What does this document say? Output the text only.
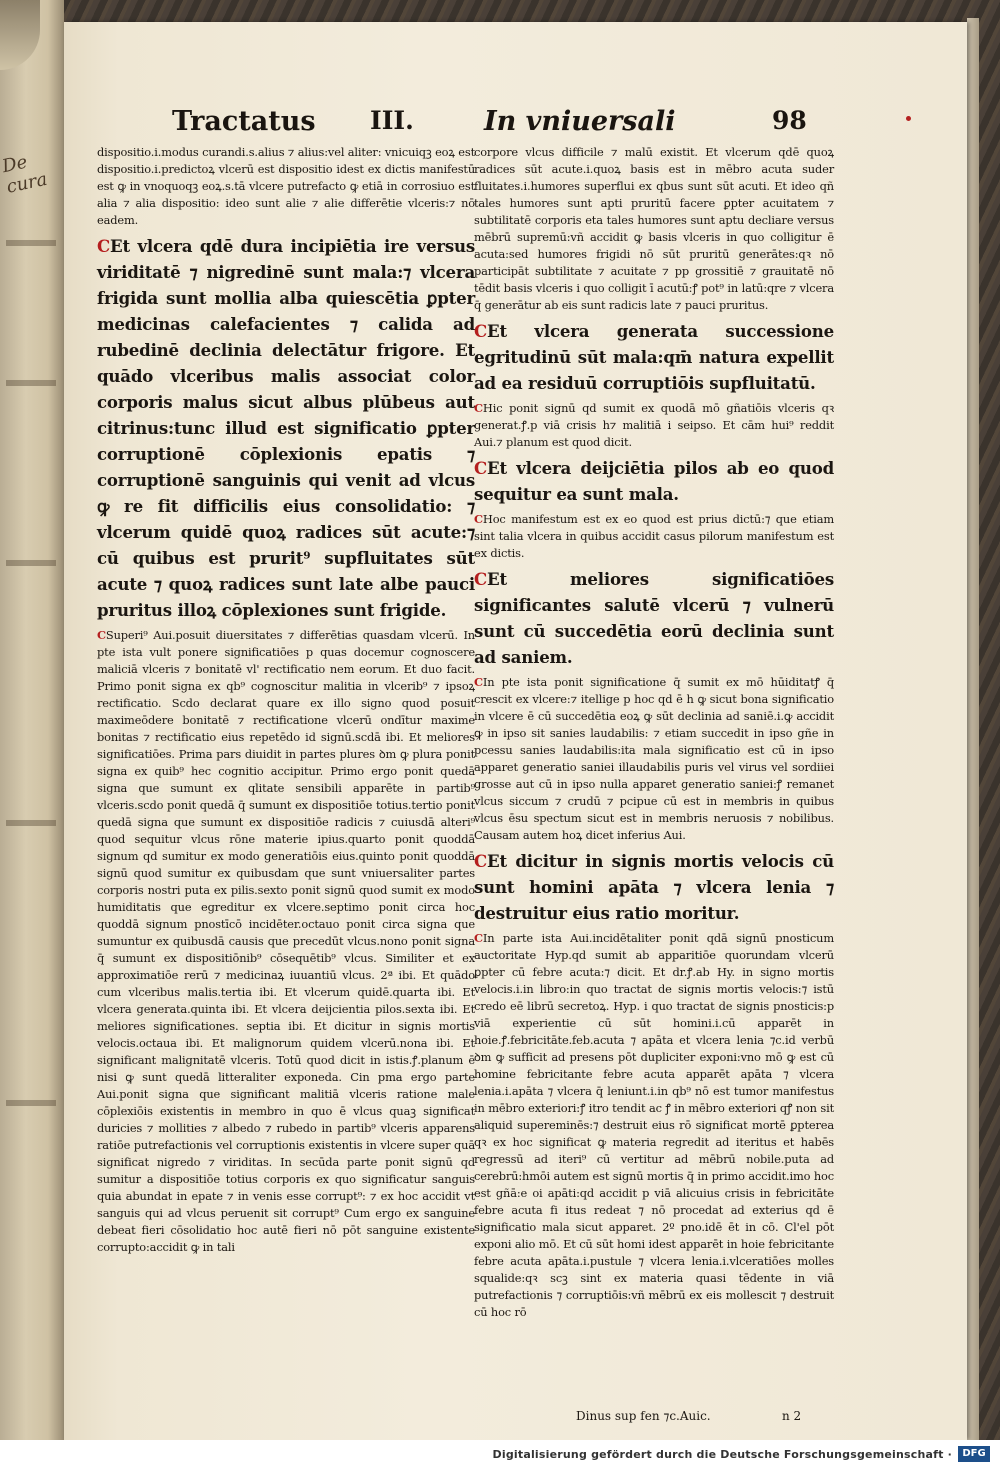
De cura
Tractatus III.	In vniuersali	98

dispositio.i.modus curandi.s.alius ⁊ alius:vel aliter: vnicuiqꝫ eoꝝ est dispositio.i.predictoꝝ vlcerū est dispositio idest ex dictis manifestū est ꝙ in vnoquoqꝫ eoꝝ.s.tā vlcere putrefacto ꝙ etiā in corrosiuo est alia ⁊ alia dispositio: ideo sunt alie ⁊ alie differētie vlceris:⁊ nō eadem.

CEt vlcera qdē dura incipiētia ire versus viriditatē ⁊ nigredinē sunt mala:⁊ vlcera frigida sunt mollia alba quiescētia ꝑpter medicinas calefacientes ⁊ calida ad rubedinē declinia delectātur frigore. Et quādo vlceribus malis associat color corporis malus sicut albus plūbeus aut citrinus:tunc illud est significatio ꝑpter corruptionē cōplexionis epatis ⁊ corruptionē sanguinis qui venit ad vlcus ꝙ re fit difficilis eius consolidatio: ⁊ vlcerum quidē quoꝝ radices sūt acute:⁊ cū quibus est prurit⁹ supfluitates sūt acute ⁊ quoꝝ radices sunt late albe pauci pruritus illoꝝ cōplexiones sunt frigide.

CSuperi⁹ Aui.posuit diuersitates ⁊ differētias quasdam vlcerū. In pte ista vult ponere significatiōes p quas docemur cognoscere maliciā vlceris ⁊ bonitatē vl' rectificatio nem eorum. Et duo facit. Primo ponit signa ex qb⁹ cognoscitur malitia in vlcerib⁹ ⁊ ipsoꝝ rectificatio. Scdo declarat quare ex illo signo quod posuit maximeōdere bonitatē ⁊ rectificatione vlcerū ondītur maxime bonitas ⁊ rectificatio eius repetēdo id signū.scdā ibi. Et meliores significatiōes. Prima pars diuidit in partes plures ꝺm ꝙ plura ponit signa ex quib⁹ hec cognitio accipitur. Primo ergo ponit quedā signa que sumunt ex qlitate sensibili apparēte in partib⁹ vlceris.scdo ponit quedā q̄ sumunt ex dispositiōe totius.tertio ponit quedā signa que sumunt ex dispositiōe radicis ⁊ cuiusdā alteri⁹ quod sequitur vlcus rōne materie ipius.quarto ponit quoddā signum qd sumitur ex modo generatiōis eius.quinto ponit quoddā signū quod sumitur ex quibusdam que sunt vniuersaliter partes corporis nostri puta ex pilis.sexto ponit signū quod sumit ex modo humiditatis que egreditur ex vlcere.septimo ponit circa hoc quoddā signum pnostīcō incidēter.octauo ponit circa signa que sumuntur ex quibusdā causis que precedūt vlcus.nono ponit signa q̄ sumunt ex dispositiōnib⁹ cōsequētib⁹ vlcus. Similiter et ex approximatiōe rerū ⁊ medicinaꝝ iuuantiū vlcus. 2ª ibi. Et quādo cum vlceribus malis.tertia ibi. Et vlcerum quidē.quarta ibi. Et vlcera generata.quinta ibi. Et vlcera deijcientia pilos.sexta ibi. Et meliores significationes. septia ibi. Et dicitur in signis mortis velocis.octaua ibi. Et malignorum quidem vlcerū.nona ibi. Et significant malignitatē vlceris. Totū quod dicit in istis.ꝭ.planum ē nisi ꝙ sunt quedā litteraliter exponeda. Cin pma ergo parte Aui.ponit signa que significant malitiā vlceris ratione male cōplexiōis existentis in membro in quo ē vlcus quaꝫ significat duricies ⁊ mollities ⁊ albedo ⁊ rubedo in partib⁹ vlceris apparens ratiōe putrefactionis vel corruptionis existentis in vlcere super quā significat nigredo ⁊ viriditas. In secūda parte ponit signū qd sumitur a dispositiōe totius corporis ex quo significatur sanguis quia abundat in epate ⁊ in venis esse corrupt⁹: ⁊ ex hoc accidit vt sanguis qui ad vlcus peruenit sit corrupt⁹ Cum ergo ex sanguine debeat fieri cōsolidatio hoc autē fieri nō pōt sanguine existente corrupto:accidit ꝙ in tali

corpore vlcus difficile ⁊ malū existit. Et vlcerum qdē quoꝝ radices sūt acute.i.quoꝝ basis est in mēbro acuta suder fluitates.i.humores superflui ex qbus sunt sūt acuti. Et ideo qñ tales humores sunt apti pruritū facere ꝑpter acuitatem ⁊ subtilitatē corporis eta tales humores sunt aptu decliare versus mēbrū supremū:vñ accidit ꝙ basis vlceris in quo colligitur ē acuta:sed humores frigidi nō sūt pruritū generātes:qꝛ nō participāt subtilitate ⁊ acuitate ⁊ pp grossitiē ⁊ grauitatē nō tēdit basis vlceris i quo colligit ī acutū:ꝭ pot⁹ in latū:qre ⁊ vlcera q̄ generātur ab eis sunt radicis late ⁊ pauci pruritus.

CEt vlcera generata successione egritudinū sūt mala:qm̄ natura expellit ad ea residuū corruptiōis supfluitatū.

CHic ponit signū qd sumit ex quodā mō gñatiōis vlceris qꝛ generat.ꝭ.p viā crisis h⁊ malitiā i seipso. Et cām hui⁹ reddit Aui.⁊ planum est quod dicit.

CEt vlcera deijciētia pilos ab eo quod sequitur ea sunt mala.

CHoc manifestum est ex eo quod est prius dictū:⁊ que etiam sint talia vlcera in quibus accidit casus pilorum manifestum est ex dictis.

CEt meliores significatiōes significantes salutē vlcerū ⁊ vulnerū sunt cū succedētia eorū declinia sunt ad saniem.

CIn pte ista ponit significatione q̄ sumit ex mō hūiditatꝭ q̄ crescit ex vlcere:⁊ itellige p hoc qd ē h ꝙ sicut bona significatio in vlcere ē cū succedētia eoꝝ ꝙ sūt declinia ad saniē.i.ꝙ accidit ꝙ in ipso sit sanies laudabilis: ⁊ etiam succedit in ipso gñe in pcessu sanies laudabilis:ita mala significatio est cū in ipso apparet generatio saniei illaudabilis puris vel virus vel sordiiei grosse aut cū in ipso nulla apparet generatio saniei:ꝭ remanet vlcus siccum ⁊ crudū ⁊ pcipue cū est in membris in quibus vlcus ēsu spectum sicut est in membris neruosis ⁊ nobilibus. Causam autem hoꝝ dicet inferius Aui.

CEt dicitur in signis mortis velocis cū sunt homini apāta ⁊ vlcera lenia ⁊ destruitur eius ratio moritur.

CIn parte ista Aui.incidētaliter ponit qdā signū pnosticum auctoritate Hyp.qd sumit ab apparitiōe quorundam vlcerū ꝑpter cū febre acuta:⁊ dicit. Et dr.ꝭ.ab Hy. in signo mortis velocis.i.in libro:in quo tractat de signis mortis velocis:⁊ istū credo eē librū secretoꝝ. Hyp. i quo tractat de signis pnosticis:p viā experientie cū sūt homini.i.cū apparēt in hoie.ꝭ.febricitāte.feb.acuta ⁊ apāta et vlcera lenia ⁊c.id verbū ꝺm ꝙ sufficit ad presens pōt dupliciter exponi:vno mō ꝙ est cū homine febricitante febre acuta apparēt apāta ⁊ vlcera lenia.i.apāta ⁊ vlcera q̄ leniunt.i.in qb⁹ nō est tumor manifestus in mēbro exteriori:ꝭ itro tendit ac ꝭ in mēbro exteriori qꝭ non sit aliquid supereminēs:⁊ destruit eius rō significat mortē ꝑpterea qꝛ ex hoc significat ꝙ materia regredit ad iteritus et habēs regressū ad iteri⁹ cū vertitur ad mēbrū nobile.puta ad cerebrū:hmōi autem est signū mortis q̄ in primo accidit.imo hoc est gñā:e oi apāti:qd accidit p viā alicuius crisis in febricitāte febre acuta fi itus redeat ⁊ nō procedat ad exterius qd ē significatio mala sicut apparet. 2º pno.idē ēt in cō. Cl'el pōt exponi alio mō. Et cū sūt homi idest apparēt in hoie febricitante febre acuta apāta.i.pustule ⁊ vlcera lenia.i.vlceratiōes molles squalide:qꝛ scꝫ sint ex materia quasi tēdente in viā putrefactionis ⁊ corruptiōis:vñ mēbrū ex eis mollescit ⁊ destruit cū hoc rō

Dinus sup fen ⁊c.Auic.	n 2
Digitalisierung gefördert durch die Deutsche Forschungsgemeinschaft ·	DFG
